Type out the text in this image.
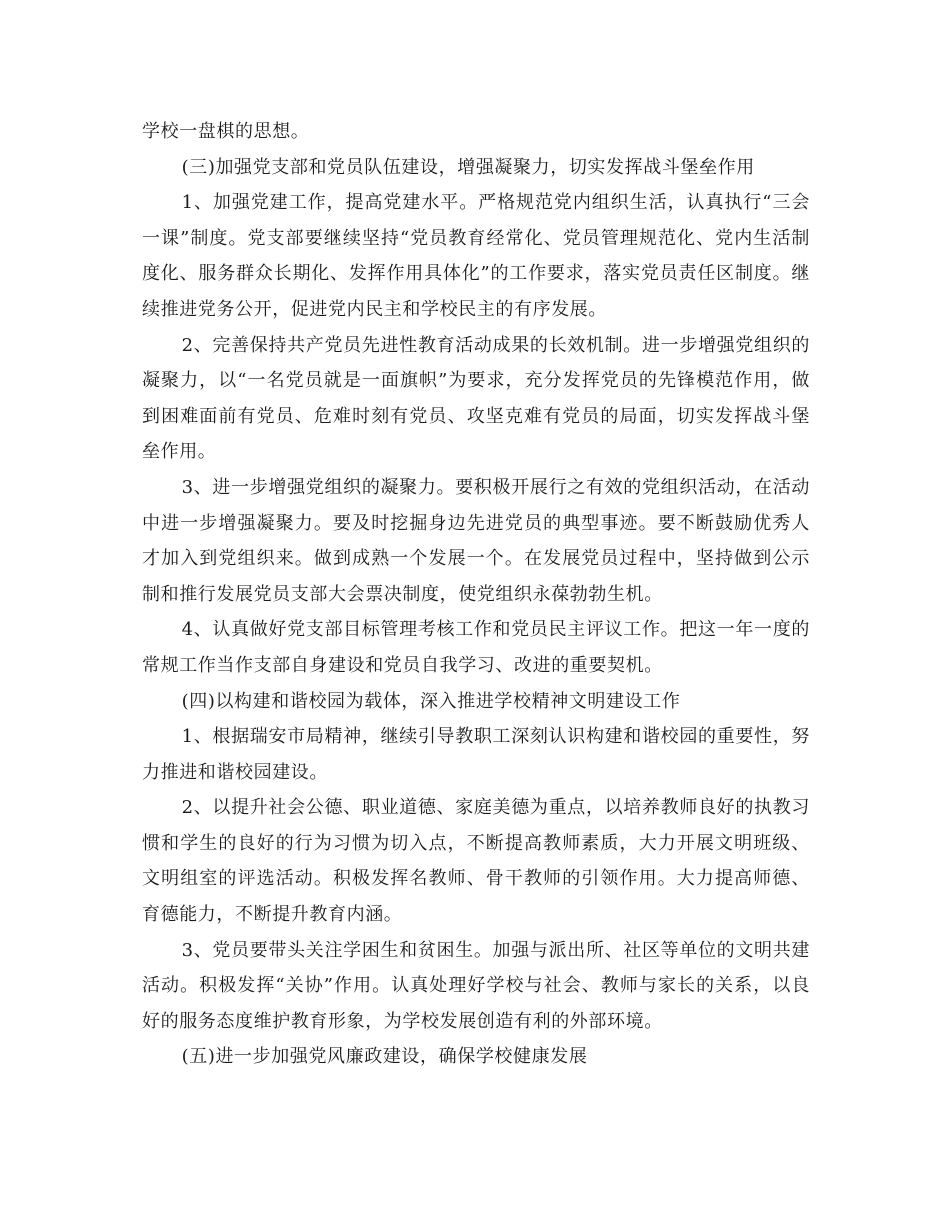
学校一盘棋的思想。

(三)加强党支部和党员队伍建设，增强凝聚力，切实发挥战斗堡垒作用

1、加强党建工作，提高党建水平。严格规范党内组织生活，认真执行“三会一课”制度。党支部要继续坚持“党员教育经常化、党员管理规范化、党内生活制度化、服务群众长期化、发挥作用具体化”的工作要求，落实党员责任区制度。继续推进党务公开，促进党内民主和学校民主的有序发展。

2、完善保持共产党员先进性教育活动成果的长效机制。进一步增强党组织的凝聚力，以“一名党员就是一面旗帜”为要求，充分发挥党员的先锋模范作用，做到困难面前有党员、危难时刻有党员、攻坚克难有党员的局面，切实发挥战斗堡垒作用。

3、进一步增强党组织的凝聚力。要积极开展行之有效的党组织活动，在活动中进一步增强凝聚力。要及时挖掘身边先进党员的典型事迹。要不断鼓励优秀人才加入到党组织来。做到成熟一个发展一个。在发展党员过程中，坚持做到公示制和推行发展党员支部大会票决制度，使党组织永葆勃勃生机。

4、认真做好党支部目标管理考核工作和党员民主评议工作。把这一年一度的常规工作当作支部自身建设和党员自我学习、改进的重要契机。

(四)以构建和谐校园为载体，深入推进学校精神文明建设工作

1、根据瑞安市局精神，继续引导教职工深刻认识构建和谐校园的重要性，努力推进和谐校园建设。

2、以提升社会公德、职业道德、家庭美德为重点，以培养教师良好的执教习惯和学生的良好的行为习惯为切入点，不断提高教师素质，大力开展文明班级、文明组室的评选活动。积极发挥名教师、骨干教师的引领作用。大力提高师德、育德能力，不断提升教育内涵。

3、党员要带头关注学困生和贫困生。加强与派出所、社区等单位的文明共建活动。积极发挥“关协”作用。认真处理好学校与社会、教师与家长的关系，以良好的服务态度维护教育形象，为学校发展创造有利的外部环境。

(五)进一步加强党风廉政建设，确保学校健康发展
